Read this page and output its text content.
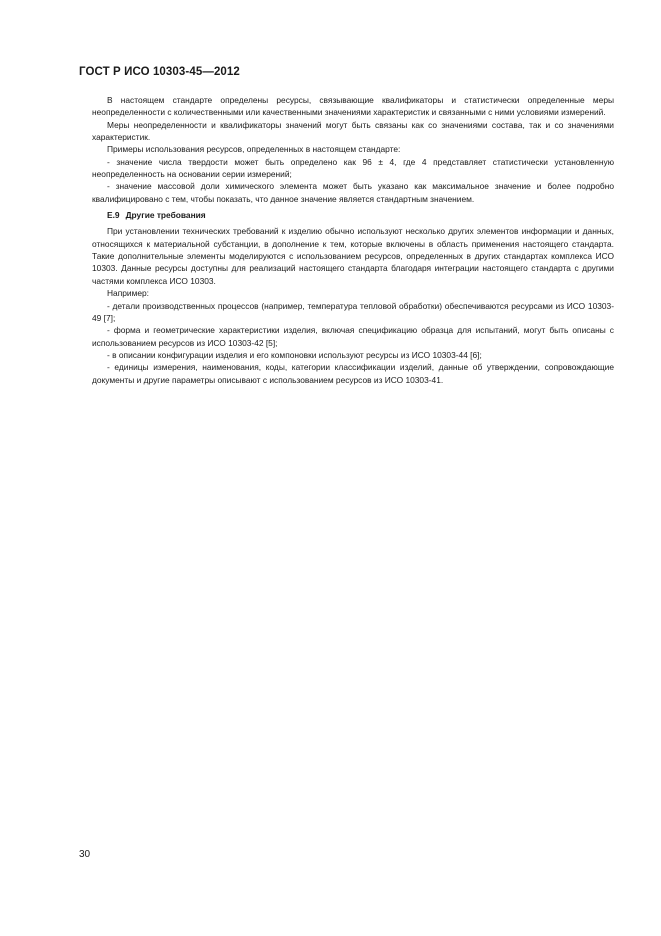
ГОСТ Р ИСО 10303-45—2012

В настоящем стандарте определены ресурсы, связывающие квалификаторы и статистически определенные меры неопределенности с количественными или качественными значениями характеристик и связанными с ними условиями измерений.

Меры неопределенности и квалификаторы значений могут быть связаны как со значениями состава, так и со значениями характеристик.

Примеры использования ресурсов, определенных в настоящем стандарте:

- значение числа твердости может быть определено как 96 ± 4, где 4 представляет статистически установленную неопределенность на основании серии измерений;

- значение массовой доли химического элемента может быть указано как максимальное значение и более подробно квалифицировано с тем, чтобы показать, что данное значение является стандартным значением.

Е.9 Другие требования

При установлении технических требований к изделию обычно используют несколько других элементов информации и данных, относящихся к материальной субстанции, в дополнение к тем, которые включены в область применения настоящего стандарта. Такие дополнительные элементы моделируются с использованием ресурсов, определенных в других стандартах комплекса ИСО 10303. Данные ресурсы доступны для реализаций настоящего стандарта благодаря интеграции настоящего стандарта с другими частями комплекса ИСО 10303.

Например:

- детали производственных процессов (например, температура тепловой обработки) обеспечиваются ресурсами из ИСО 10303-49 [7];

- форма и геометрические характеристики изделия, включая спецификацию образца для испытаний, могут быть описаны с использованием ресурсов из ИСО 10303-42 [5];

- в описании конфигурации изделия и его компоновки используют ресурсы из ИСО 10303-44 [6];

- единицы измерения, наименования, коды, категории классификации изделий, данные об утверждении, сопровождающие документы и другие параметры описывают с использованием ресурсов из ИСО 10303-41.

30
